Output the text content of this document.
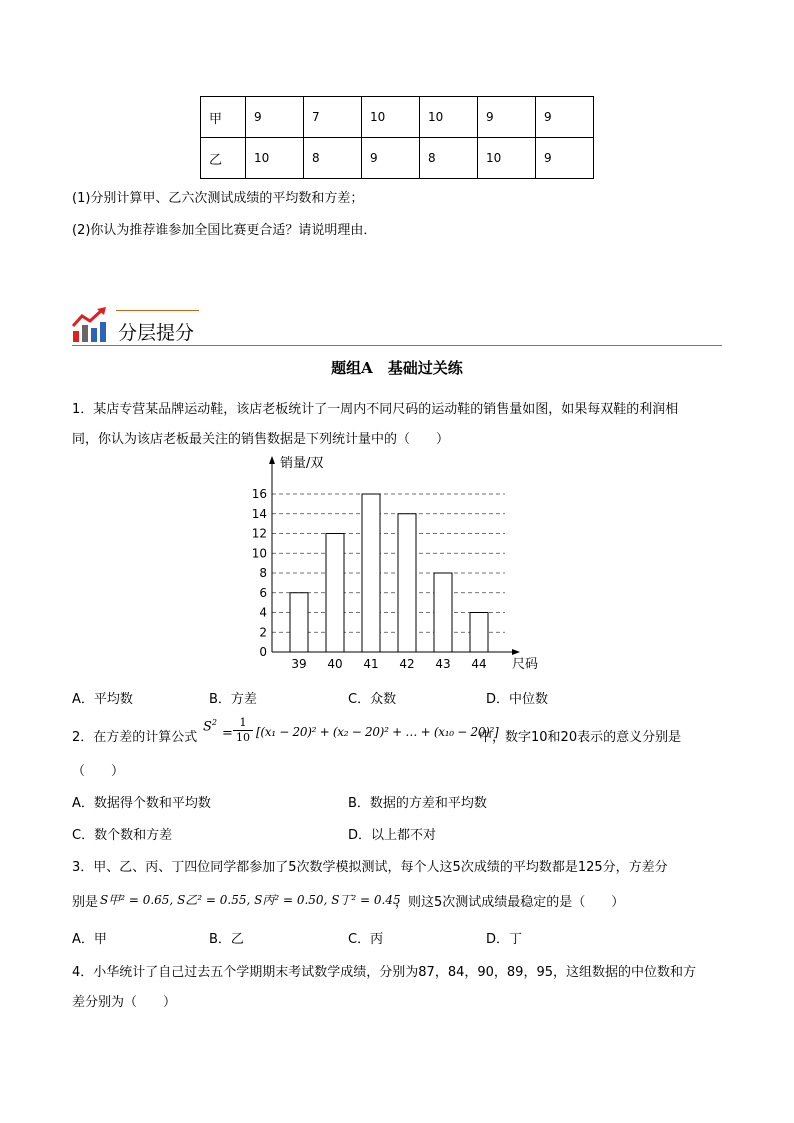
甲	9	7	10	10	9	9
乙	10	8	9	8	10	9
(1)分别计算甲、乙六次测试成绩的平均数和方差；
(2)你认为推荐谁参加全国比赛更合适？请说明理由．
分层提分
题组A　基础过关练
1．某店专营某品牌运动鞋，该店老板统计了一周内不同尺码的运动鞋的销售量如图，如果每双鞋的利润相
同，你认为该店老板最关注的销售数据是下列统计量中的（　　）
销量/双
尺码
0
2
4
6
8
10
12
14
16
39 40 41 42 43 44
A．平均数	B．方差	C．众数	D．中位数
2．在方差的计算公式
$S^2$
= $\frac{1}{10} [(x_1 - 20)^2 + (x_2 - 20)^2$ + … + (x₁₀ − 20)²]
中，数字10和20表示的意义分别是
（　　）
A．数据得个数和平均数	B．数据的方差和平均数
C．数个数和方差	D．以上都不对
3．甲、乙、丙、丁四位同学都参加了5次数学模拟测试，每个人这5次成绩的平均数都是125分，方差分
别是 S甲² = 0.65, S乙² = 0.55, S丙² = 0.50, S丁² = 0.45
，则这5次测试成绩最稳定的是（　　）
A．甲	B．乙	C．丙	D．丁
4．小华统计了自己过去五个学期期末考试数学成绩，分别为87，84，90，89，95，这组数据的中位数和方
差分别为（　　）
